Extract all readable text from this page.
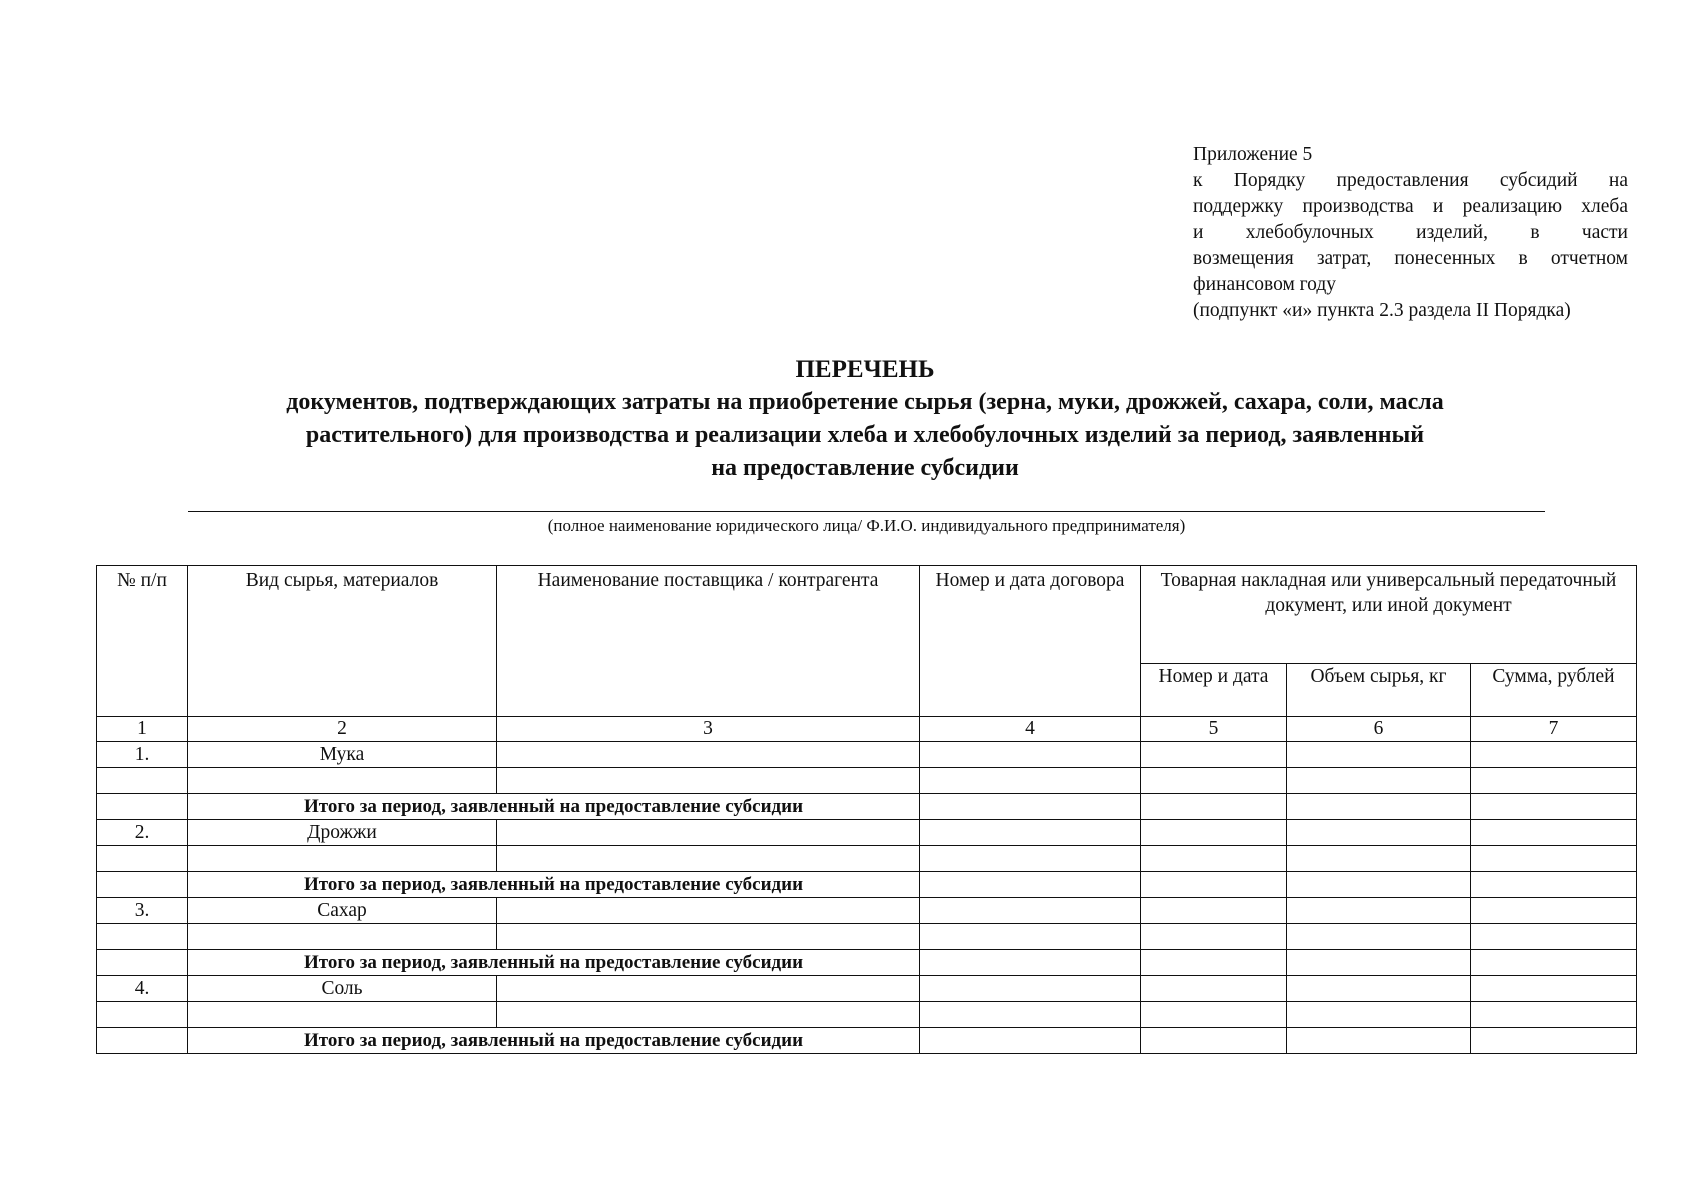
Приложение 5
к Порядку предоставления субсидий на
поддержку производства и реализацию хлеба
и хлебобулочных изделий, в части
возмещения затрат, понесенных в отчетном
финансовом году
(подпункт «и» пункта 2.3 раздела II Порядка)
ПЕРЕЧЕНЬ
документов, подтверждающих затраты на приобретение сырья (зерна, муки, дрожжей, сахара, соли, масла
растительного) для производства и реализации хлеба и хлебобулочных изделий за период, заявленный
на предоставление субсидии
(полное наименование юридического лица/ Ф.И.О. индивидуального предпринимателя)
№ п/п	Вид сырья, материалов	Наименование поставщика / контрагента	Номер и дата договора	Товарная накладная или универсальный передаточный документ, или иной документ		
				Номер и дата	Объем сырья, кг	Сумма, рублей
1	2	3	4	5	6	7
1.	Мука					

	Итого за период, заявленный на предоставление субсидии					
2.	Дрожжи					

	Итого за период, заявленный на предоставление субсидии					
3.	Сахар					

	Итого за период, заявленный на предоставление субсидии					
4.	Соль					

	Итого за период, заявленный на предоставление субсидии					
